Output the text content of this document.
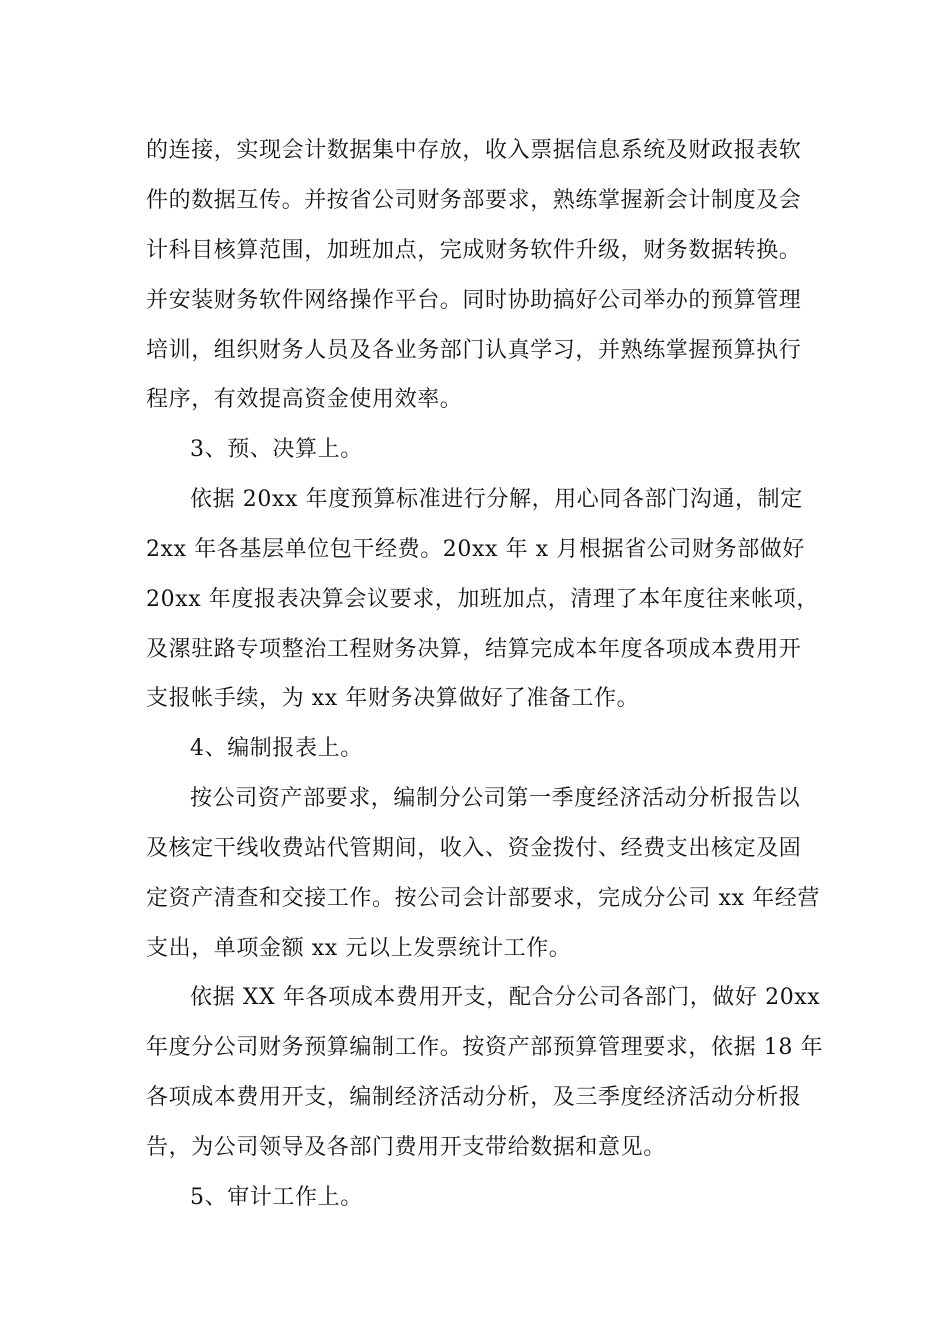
的连接，实现会计数据集中存放，收入票据信息系统及财政报表软
件的数据互传。并按省公司财务部要求，熟练掌握新会计制度及会
计科目核算范围，加班加点，完成财务软件升级，财务数据转换。
并安装财务软件网络操作平台。同时协助搞好公司举办的预算管理
培训，组织财务人员及各业务部门认真学习，并熟练掌握预算执行
程序，有效提高资金使用效率。
3、预、决算上。
依据 20xx 年度预算标准进行分解，用心同各部门沟通，制定
2xx 年各基层单位包干经费。20xx 年 x 月根据省公司财务部做好
20xx 年度报表决算会议要求，加班加点，清理了本年度往来帐项，
及漯驻路专项整治工程财务决算，结算完成本年度各项成本费用开
支报帐手续，为 xx 年财务决算做好了准备工作。
4、编制报表上。
按公司资产部要求，编制分公司第一季度经济活动分析报告以
及核定干线收费站代管期间，收入、资金拨付、经费支出核定及固
定资产清查和交接工作。按公司会计部要求，完成分公司 xx 年经营
支出，单项金额 xx 元以上发票统计工作。
依据 XX 年各项成本费用开支，配合分公司各部门，做好 20xx
年度分公司财务预算编制工作。按资产部预算管理要求，依据 18 年
各项成本费用开支，编制经济活动分析，及三季度经济活动分析报
告，为公司领导及各部门费用开支带给数据和意见。
5、审计工作上。
